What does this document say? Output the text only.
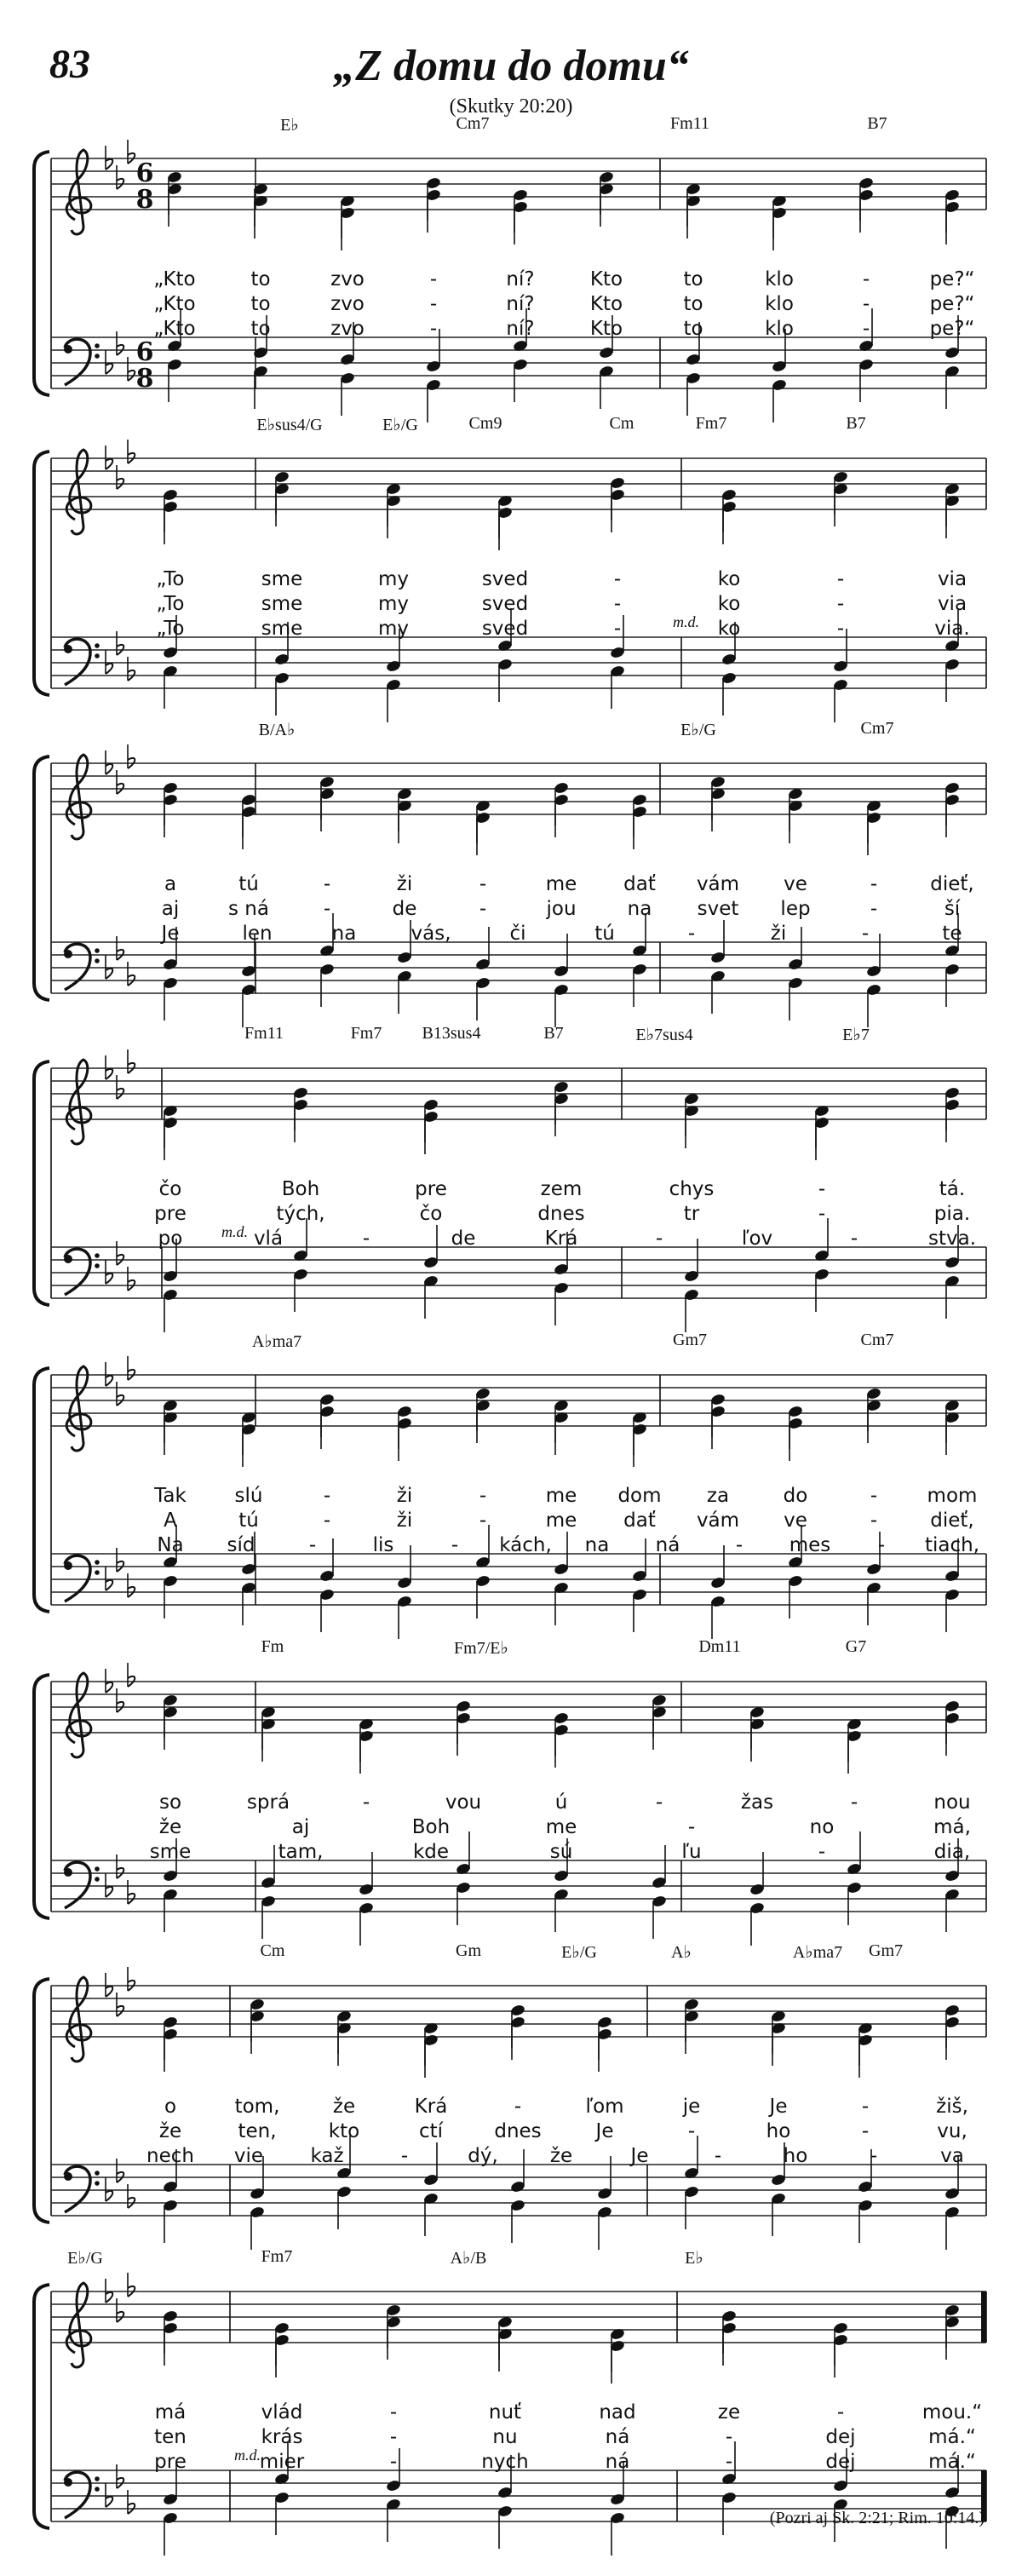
83	„Z domu do domu“
(Skutky 20:20)
6
8
6
8
E♭	Cm7	Fm11	B7
„Kto	to	zvo	-	ní?	Kto	to	klo	-	pe?“
„Kto	to	zvo	-	ní?	Kto	to	klo	-	pe?“
„Kto	to	zvo	-	ní?	Kto	to	klo	-	pe?“
E♭sus4/G	E♭/G	Cm9	Cm	Fm7	B7
m.d.
„To	sme	my	sved	-	ko	-	via
„To	sme	my	sved	-	ko	-	via
„To	sme	my	sved	-	ko	-	via.
B/A♭	E♭/G	Cm7
a	tú	-	ži	-	me dať vám ve	-	dieť,
aj	s ná	-	de	-	jou	na svet lep	-	ší
Je	len	na	vás,	či	tú	-	ži	-	te
Fm11	Fm7 B13sus4	B7	E♭7sus4	E♭7
m.d.
čo	Boh	pre	zem	chys	-	tá.
pre	tých,	čo	dnes	tr	-	pia.
po	vlá	-	de	Krá	-	ľov	-	stva.
A♭ma7	Gm7	Cm7
Tak slú	-	ži	-	me dom za	do	-	mom
A	tú	-	ži	-	me dať vám ve	-	dieť,
Na síd	-	lis	- kách, na ná	- mes - tiach,
Fm	Fm7/E♭	Dm11	G7
so	sprá	-	vou	ú	-	žas	-	nou
že	aj	Boh	me	-	no	má,
sme	tam,	kde	sú	ľu	-	dia,
Cm	Gm	E♭/G	A♭	A♭ma7 Gm7
o	tom,	že	Krá	-	ľom	je	Je	-	žiš,
že	ten,	kto	ctí	dnes	Je	-	ho	-	vu,
nech vie kaž	-	dý,	že	Je	-	ho	-	va
E♭/G	Fm7	A♭/B	E♭
m.d.
má	vlád	-	nuť	nad	ze	-	mou.“
ten	krás	-	nu	ná	-	dej	má.“
pre	mier	-	nych	ná	-	dej	má.“
(Pozri aj Sk. 2:21; Rim. 10:14.)
